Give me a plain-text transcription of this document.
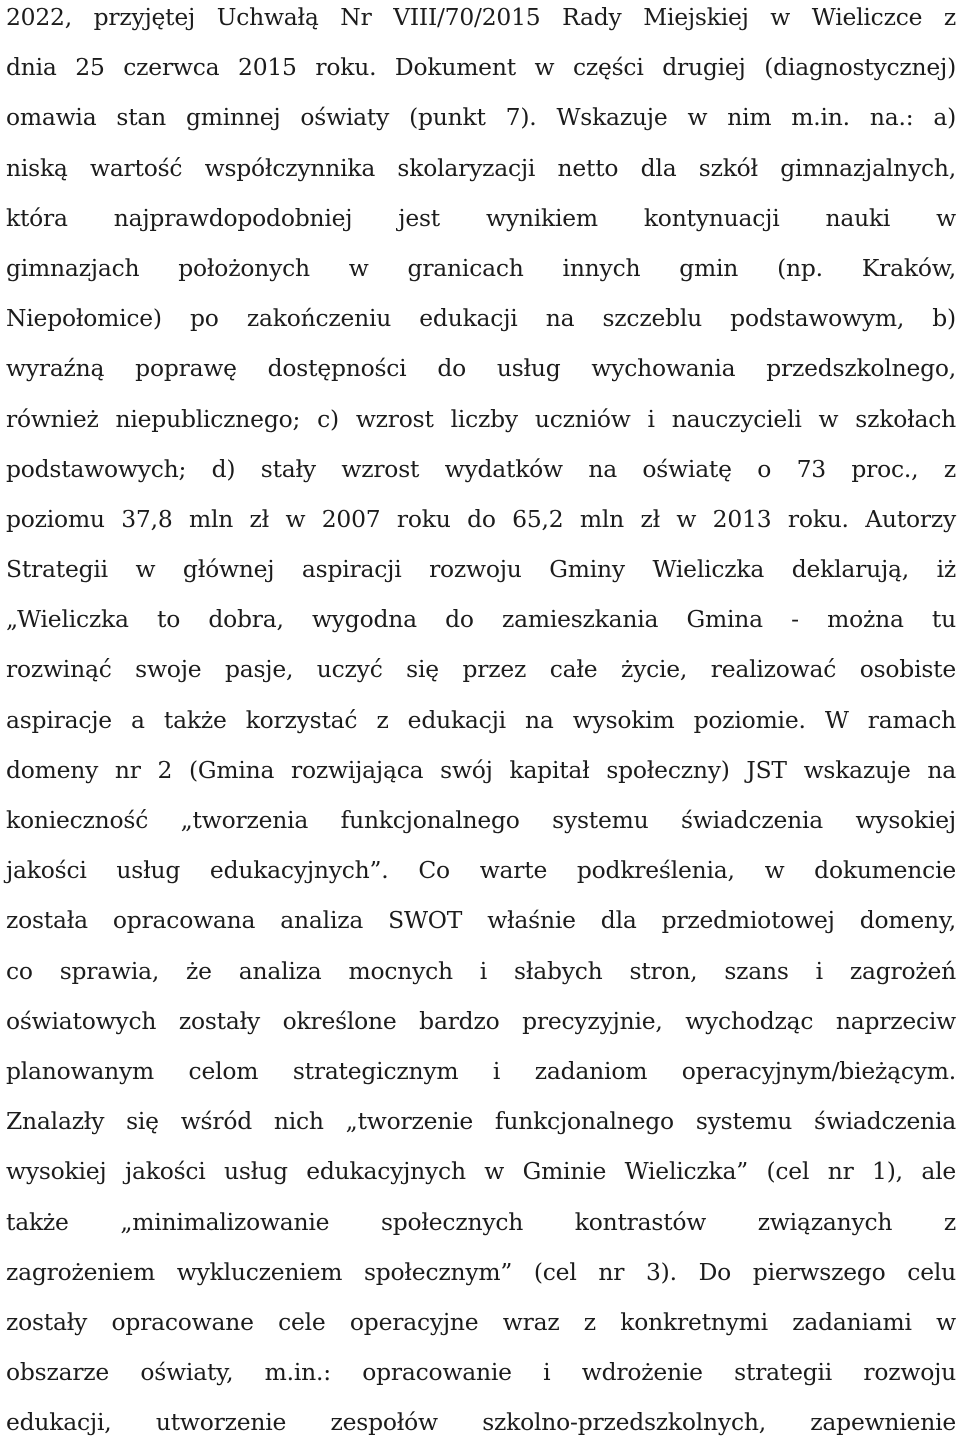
2022, przyjętej Uchwałą Nr VIII/70/2015 Rady Miejskiej w Wieliczce z
dnia 25 czerwca 2015 roku. Dokument w części drugiej (diagnostycznej)
omawia stan gminnej oświaty (punkt 7). Wskazuje w nim m.in. na.: a)
niską wartość współczynnika skolaryzacji netto dla szkół gimnazjalnych,
która najprawdopodobniej jest wynikiem kontynuacji nauki w
gimnazjach położonych w granicach innych gmin (np. Kraków,
Niepołomice) po zakończeniu edukacji na szczeblu podstawowym, b)
wyraźną poprawę dostępności do usług wychowania przedszkolnego,
również niepublicznego; c) wzrost liczby uczniów i nauczycieli w szkołach
podstawowych; d) stały wzrost wydatków na oświatę o 73 proc., z
poziomu 37,8 mln zł w 2007 roku do 65,2 mln zł w 2013 roku. Autorzy
Strategii w głównej aspiracji rozwoju Gminy Wieliczka deklarują, iż
„Wieliczka to dobra, wygodna do zamieszkania Gmina - można tu
rozwinąć swoje pasje, uczyć się przez całe życie, realizować osobiste
aspiracje a także korzystać z edukacji na wysokim poziomie. W ramach
domeny nr 2 (Gmina rozwijająca swój kapitał społeczny) JST wskazuje na
konieczność „tworzenia funkcjonalnego systemu świadczenia wysokiej
jakości usług edukacyjnych”. Co warte podkreślenia, w dokumencie
została opracowana analiza SWOT właśnie dla przedmiotowej domeny,
co sprawia, że analiza mocnych i słabych stron, szans i zagrożeń
oświatowych zostały określone bardzo precyzyjnie, wychodząc naprzeciw
planowanym celom strategicznym i zadaniom operacyjnym/bieżącym.
Znalazły się wśród nich „tworzenie funkcjonalnego systemu świadczenia
wysokiej jakości usług edukacyjnych w Gminie Wieliczka” (cel nr 1), ale
także „minimalizowanie społecznych kontrastów związanych z
zagrożeniem wykluczeniem społecznym” (cel nr 3). Do pierwszego celu
zostały opracowane cele operacyjne wraz z konkretnymi zadaniami w
obszarze oświaty, m.in.: opracowanie i wdrożenie strategii rozwoju
edukacji, utworzenie zespołów szkolno-przedszkolnych, zapewnienie
